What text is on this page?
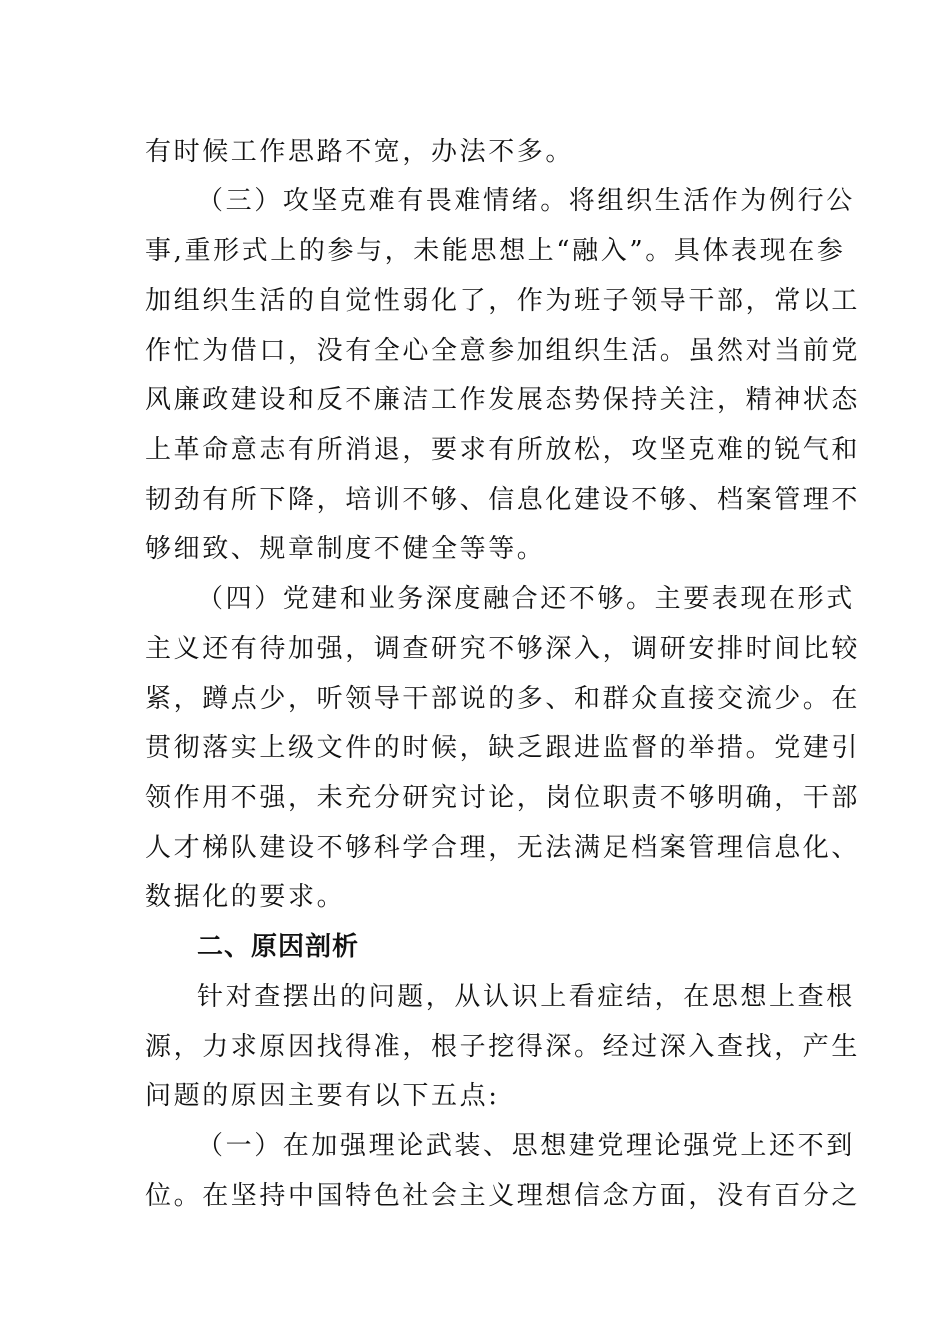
有时候工作思路不宽，办法不多。
（三）攻坚克难有畏难情绪。将组织生活作为例行公
事,重形式上的参与，未能思想上“融入”。具体表现在参
加组织生活的自觉性弱化了，作为班子领导干部，常以工
作忙为借口，没有全心全意参加组织生活。虽然对当前党
风廉政建设和反不廉洁工作发展态势保持关注，精神状态
上革命意志有所消退，要求有所放松，攻坚克难的锐气和
韧劲有所下降，培训不够、信息化建设不够、档案管理不
够细致、规章制度不健全等等。
（四）党建和业务深度融合还不够。主要表现在形式
主义还有待加强，调查研究不够深入，调研安排时间比较
紧，蹲点少，听领导干部说的多、和群众直接交流少。在
贯彻落实上级文件的时候，缺乏跟进监督的举措。党建引
领作用不强，未充分研究讨论，岗位职责不够明确，干部
人才梯队建设不够科学合理，无法满足档案管理信息化、
数据化的要求。
二、原因剖析
针对查摆出的问题，从认识上看症结，在思想上查根
源，力求原因找得准，根子挖得深。经过深入查找，产生
问题的原因主要有以下五点:
（一）在加强理论武装、思想建党理论强党上还不到
位。在坚持中国特色社会主义理想信念方面，没有百分之
